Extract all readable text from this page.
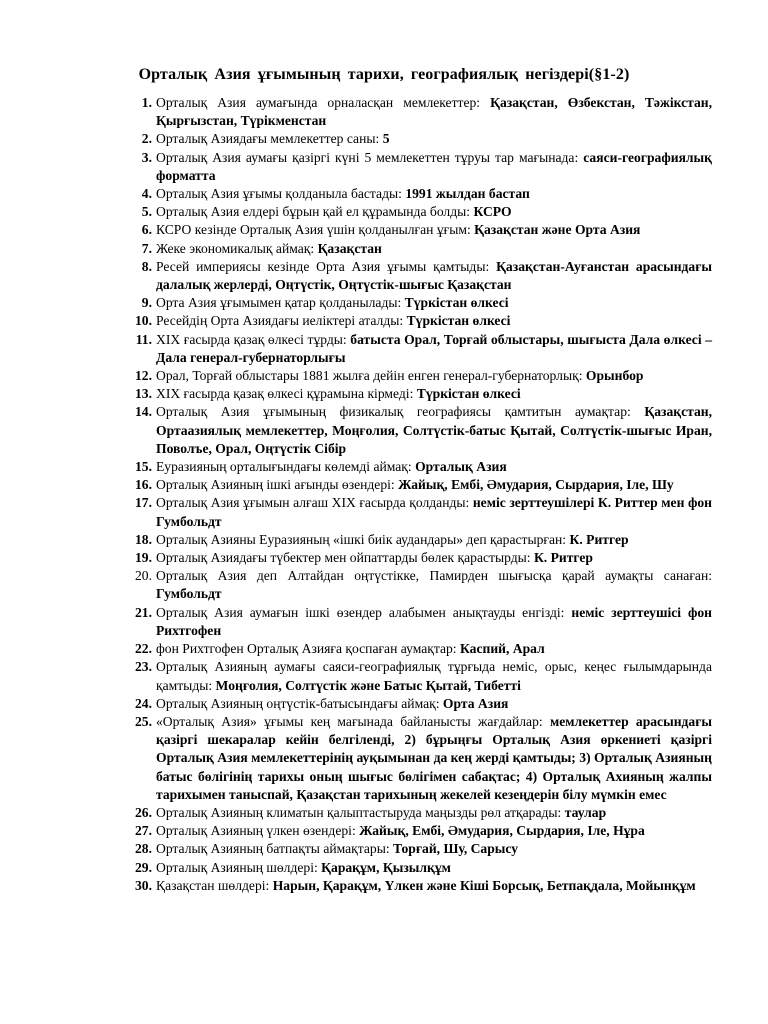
Орталық Азия ұғымының тарихи, географиялық негіздері(§1-2)
1. Орталық Азия аумағында орналасқан мемлекеттер: Қазақстан, Өзбекстан, Тәжікстан, Қырғызстан, Түрікменстан
2. Орталық Азиядағы мемлекеттер саны: 5
3. Орталық Азия аумағы қазіргі күні 5 мемлекеттен тұруы тар мағынада: саяси-географиялық форматта
4. Орталық Азия ұғымы қолданыла бастады: 1991 жылдан бастап
5. Орталық Азия елдері бұрын қай ел құрамында болды: КСРО
6. КСРО кезінде Орталық Азия үшін қолданылған ұғым: Қазақстан және Орта Азия
7. Жеке экономикалық аймақ: Қазақстан
8. Ресей империясы кезінде Орта Азия ұғымы қамтыды: Қазақстан-Ауғанстан арасындағы далалық жерлерді, Оңтүстік, Оңтүстік-шығыс Қазақстан
9. Орта Азия ұғымымен қатар қолданылады: Түркістан өлкесі
10. Ресейдің Орта Азиядағы иеліктері аталды: Түркістан өлкесі
11. XIX ғасырда қазақ өлкесі тұрды: батыста Орал, Торғай облыстары, шығыста Дала өлкесі – Дала генерал-губернаторлығы
12. Орал, Торғай облыстары 1881 жылға дейін енген генерал-губернаторлық: Орынбор
13. XIX ғасырда қазақ өлкесі құрамына кірмеді: Түркістан өлкесі
14. Орталық Азия ұғымының физикалық географиясы қамтитын аумақтар: Қазақстан, Ортаазиялық мемлекеттер, Моңғолия, Солтүстік-батыс Қытай, Солтүстік-шығыс Иран, Поволъе, Орал, Оңтүстік Сібір
15. Еуразияның орталығындағы көлемді аймақ: Орталық Азия
16. Орталық Азияның ішкі ағынды өзендері: Жайық, Ембі, Әмудария, Сырдария, Іле, Шу
17. Орталық Азия ұғымын алғаш XIX ғасырда қолданды: неміс зерттеушілері К. Риттер мен фон Гумбольдт
18. Орталық Азияны Еуразияның «ішкі биік аудандары» деп қарастырған: К. Ритгер
19. Орталық Азиядағы түбектер мен ойпаттарды бөлек қарастырды: К. Ритгер
20. Орталық Азия деп Алтайдан оңтүстікке, Памирден шығысқа қарай аумақты санаған: Гумбольдт
21. Орталық Азия аумағын ішкі өзендер алабымен анықтауды енгізді: неміс зерттеушісі фон Рихтгофен
22. фон Рихтгофен Орталық Азияға қоспаған аумақтар: Каспий, Арал
23. Орталық Азияның аумағы саяси-географиялық тұрғыда неміс, орыс, кеңес ғылымдарында қамтыды: Моңғолия, Солтүстік және Батыс Қытай, Тибетті
24. Орталық Азияның оңтүстік-батысындағы аймақ: Орта Азия
25. «Орталық Азия» ұғымы кең мағынада байланысты жағдайлар: мемлекеттер арасындағы қазіргі шекаралар кейін белгіленді, 2) бұрыңғы Орталық Азия өркениеті қазіргі Орталық Азия мемлекеттерінің ауқымынан да кең жерді қамтыды; 3) Орталық Азияның батыс бөлігінің тарихы оның шығыс бөлігімен сабақтас; 4) Орталық Ахияның жалпы тарихымен таныспай, Қазақстан тарихының жекелей кезеңдерін білу мүмкін емес
26. Орталық Азияның климатын қалыптастыруда маңызды рөл атқарады: таулар
27. Орталық Азияның үлкен өзендері: Жайық, Ембі, Әмудария, Сырдария, Іле, Нұра
28. Орталық Азияның батпақты аймақтары: Торғай, Шу, Сарысу
29. Орталық Азияның шөлдері: Қарақұм, Қызылқұм
30. Қазақстан шөлдері: Нарын, Қарақұм, Үлкен және Кіші Борсық, Бетпақдала, Мойынқұм
